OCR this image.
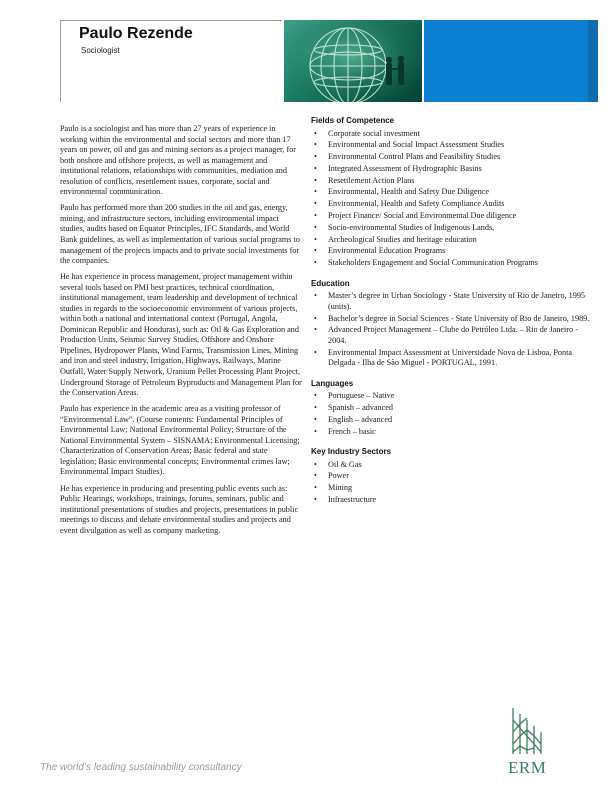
Paulo Rezende
Sociologist

Paulo is a sociologist and has more than 27 years of experience in working within the environmental and social sectors and more than 17 years on power, oil and gas and mining sectors as a project manager, for both onshore and offshore projects, as well as management and institutional relations, relationships with communities, mediation and resolution of conflicts, resettlement issues, corporate, social and environmental communication.

Paulo has performed more than 200 studies in the oil and gas, energy, mining, and infrastructure sectors, including environmental impact studies, audits based on Equator Principles, IFC Standards, and World Bank guidelines, as well as implementation of various social programs to management of the projects impacts and to private social investments for the companies.

He has experience in process management, project management within several tools based on PMI best practices, technical coordination, institutional management, team leadership and development of technical studies in regards to the socioeconomic environment of various projects, within both a national and international context (Portugal, Angola, Dominican Republic and Honduras), such as: Oil & Gas Exploration and Production Units, Seismic Survey Studies, Offshore and Onshore Pipelines, Hydropower Plants, Wind Farms, Transmission Lines, Mining and iron and steel industry, Irrigation, Highways, Railways, Marine Outfall, Water Supply Network, Uranium Pellet Processing Plant Project, Underground Storage of Petroleum Byproducts and Management Plan for the Conservation Areas.

Paulo has experience in the academic area as a visiting professor of “Environmental Law”. (Course contents: Fundamental Principles of Environmental Law; National Environmental Policy; Structure of the National Environmental System – SISNAMA; Environmental Licensing; Characterization of Conservation Areas; Basic federal and state legislation; Basic environmental concepts; Environmental crimes law; Environmental Impact Studies).

He has experience in producing and presenting public events such as: Public Hearings, workshops, trainings, forums, seminars, public and institutional presentations of studies and projects, presentations in public meetings to discuss and debate environmental studies and projects and event divulgation as well as company marketing.

Fields of Competence
• Corporate social investment
• Environmental and Social Impact Assessment Studies
• Environmental Control Plans and Feasibility Studies
• Integrated Assessment of Hydrographic Basins
• Resettlement Action Plans
• Environmental, Health and Safety Due Diligence
• Environmental, Health and Safety Compliance Audits
• Project Finance/ Social and Environmental Due diligence
• Socio-environmental Studies of Indigenous Lands,
• Archeological Studies and heritage education
• Environmental Education Programs
• Stakeholders Engagement and Social Communication Programs
Education
• Master’s degree in Urban Sociology - State University of Rio de Janeiro, 1995 (units).
• Bachelor’s degree in Social Sciences - State University of Rio de Janeiro, 1989.
• Advanced Project Management – Clube do Petróleo Ltda. – Rio de Janeiro - 2004.
• Environmental Impact Assessment at Universidade Nova de Lisboa, Ponta Delgada - Ilha de São Miguel - PORTUGAL, 1991.
Languages
• Portuguese – Native
• Spanish – advanced
• English – advanced
• French – basic
Key Industry Sectors
• Oil & Gas
• Power
• Mining
• Infraestructure
The world’s leading sustainability consultancy	ERM
